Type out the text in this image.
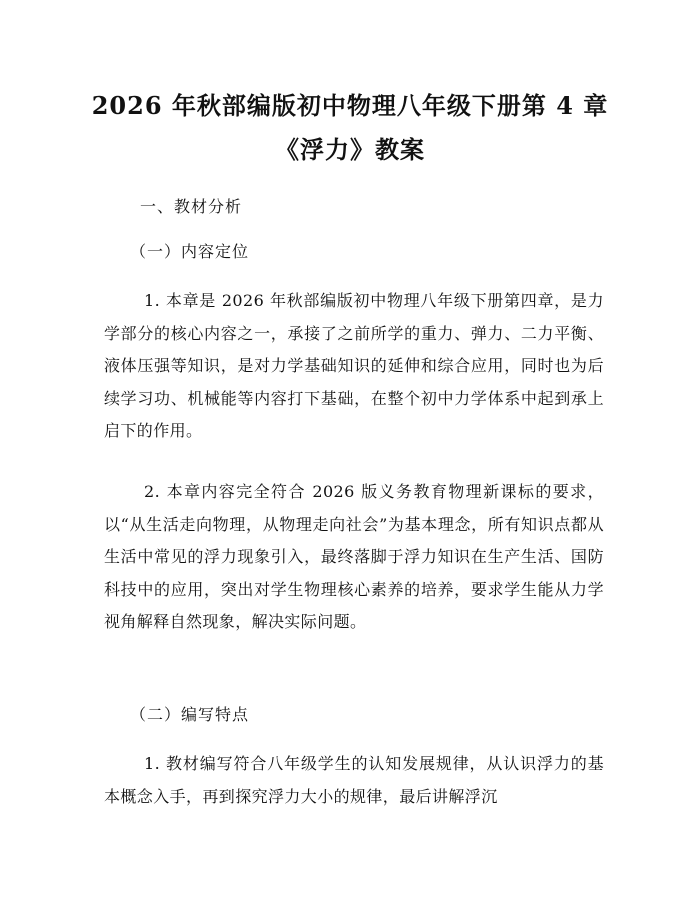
2026 年秋部编版初中物理八年级下册第 4 章
《浮力》教案
一、教材分析
（一）内容定位

1. 本章是 2026 年秋部编版初中物理八年级下册第四章，是力学部分的核心内容之一，承接了之前所学的重力、弹力、二力平衡、液体压强等知识，是对力学基础知识的延伸和综合应用，同时也为后续学习功、机械能等内容打下基础，在整个初中力学体系中起到承上启下的作用。

2. 本章内容完全符合 2026 版义务教育物理新课标的要求，以“从生活走向物理，从物理走向社会”为基本理念，所有知识点都从生活中常见的浮力现象引入，最终落脚于浮力知识在生产生活、国防科技中的应用，突出对学生物理核心素养的培养，要求学生能从力学视角解释自然现象，解决实际问题。

（二）编写特点

1. 教材编写符合八年级学生的认知发展规律，从认识浮力的基本概念入手，再到探究浮力大小的规律，最后讲解浮沉
